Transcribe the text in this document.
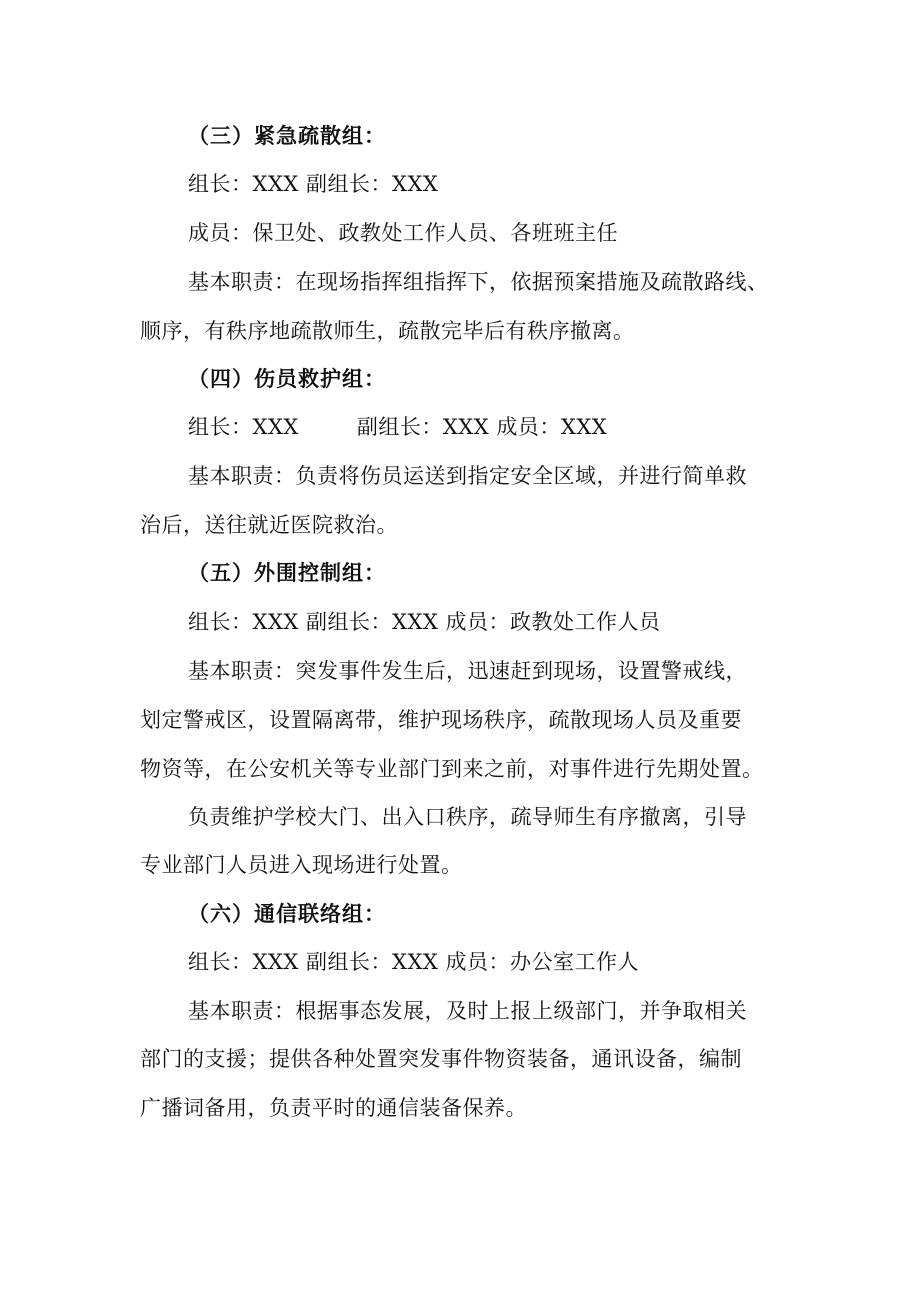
（三）紧急疏散组：
组长：XXX 副组长：XXX
成员：保卫处、政教处工作人员、各班班主任
基本职责：在现场指挥组指挥下，依据预案措施及疏散路线、
顺序，有秩序地疏散师生，疏散完毕后有秩序撤离。
（四）伤员救护组：
组长：XXX	副组长：XXX 成员：XXX
基本职责：负责将伤员运送到指定安全区域，并进行简单救
治后，送往就近医院救治。
（五）外围控制组：
组长：XXX 副组长：XXX 成员：政教处工作人员
基本职责：突发事件发生后，迅速赶到现场，设置警戒线，
划定警戒区，设置隔离带，维护现场秩序，疏散现场人员及重要
物资等，在公安机关等专业部门到来之前，对事件进行先期处置。
负责维护学校大门、出入口秩序，疏导师生有序撤离，引导
专业部门人员进入现场进行处置。
（六）通信联络组：
组长：XXX 副组长：XXX 成员：办公室工作人
基本职责：根据事态发展，及时上报上级部门，并争取相关
部门的支援；提供各种处置突发事件物资装备，通讯设备，编制
广播词备用，负责平时的通信装备保养。
